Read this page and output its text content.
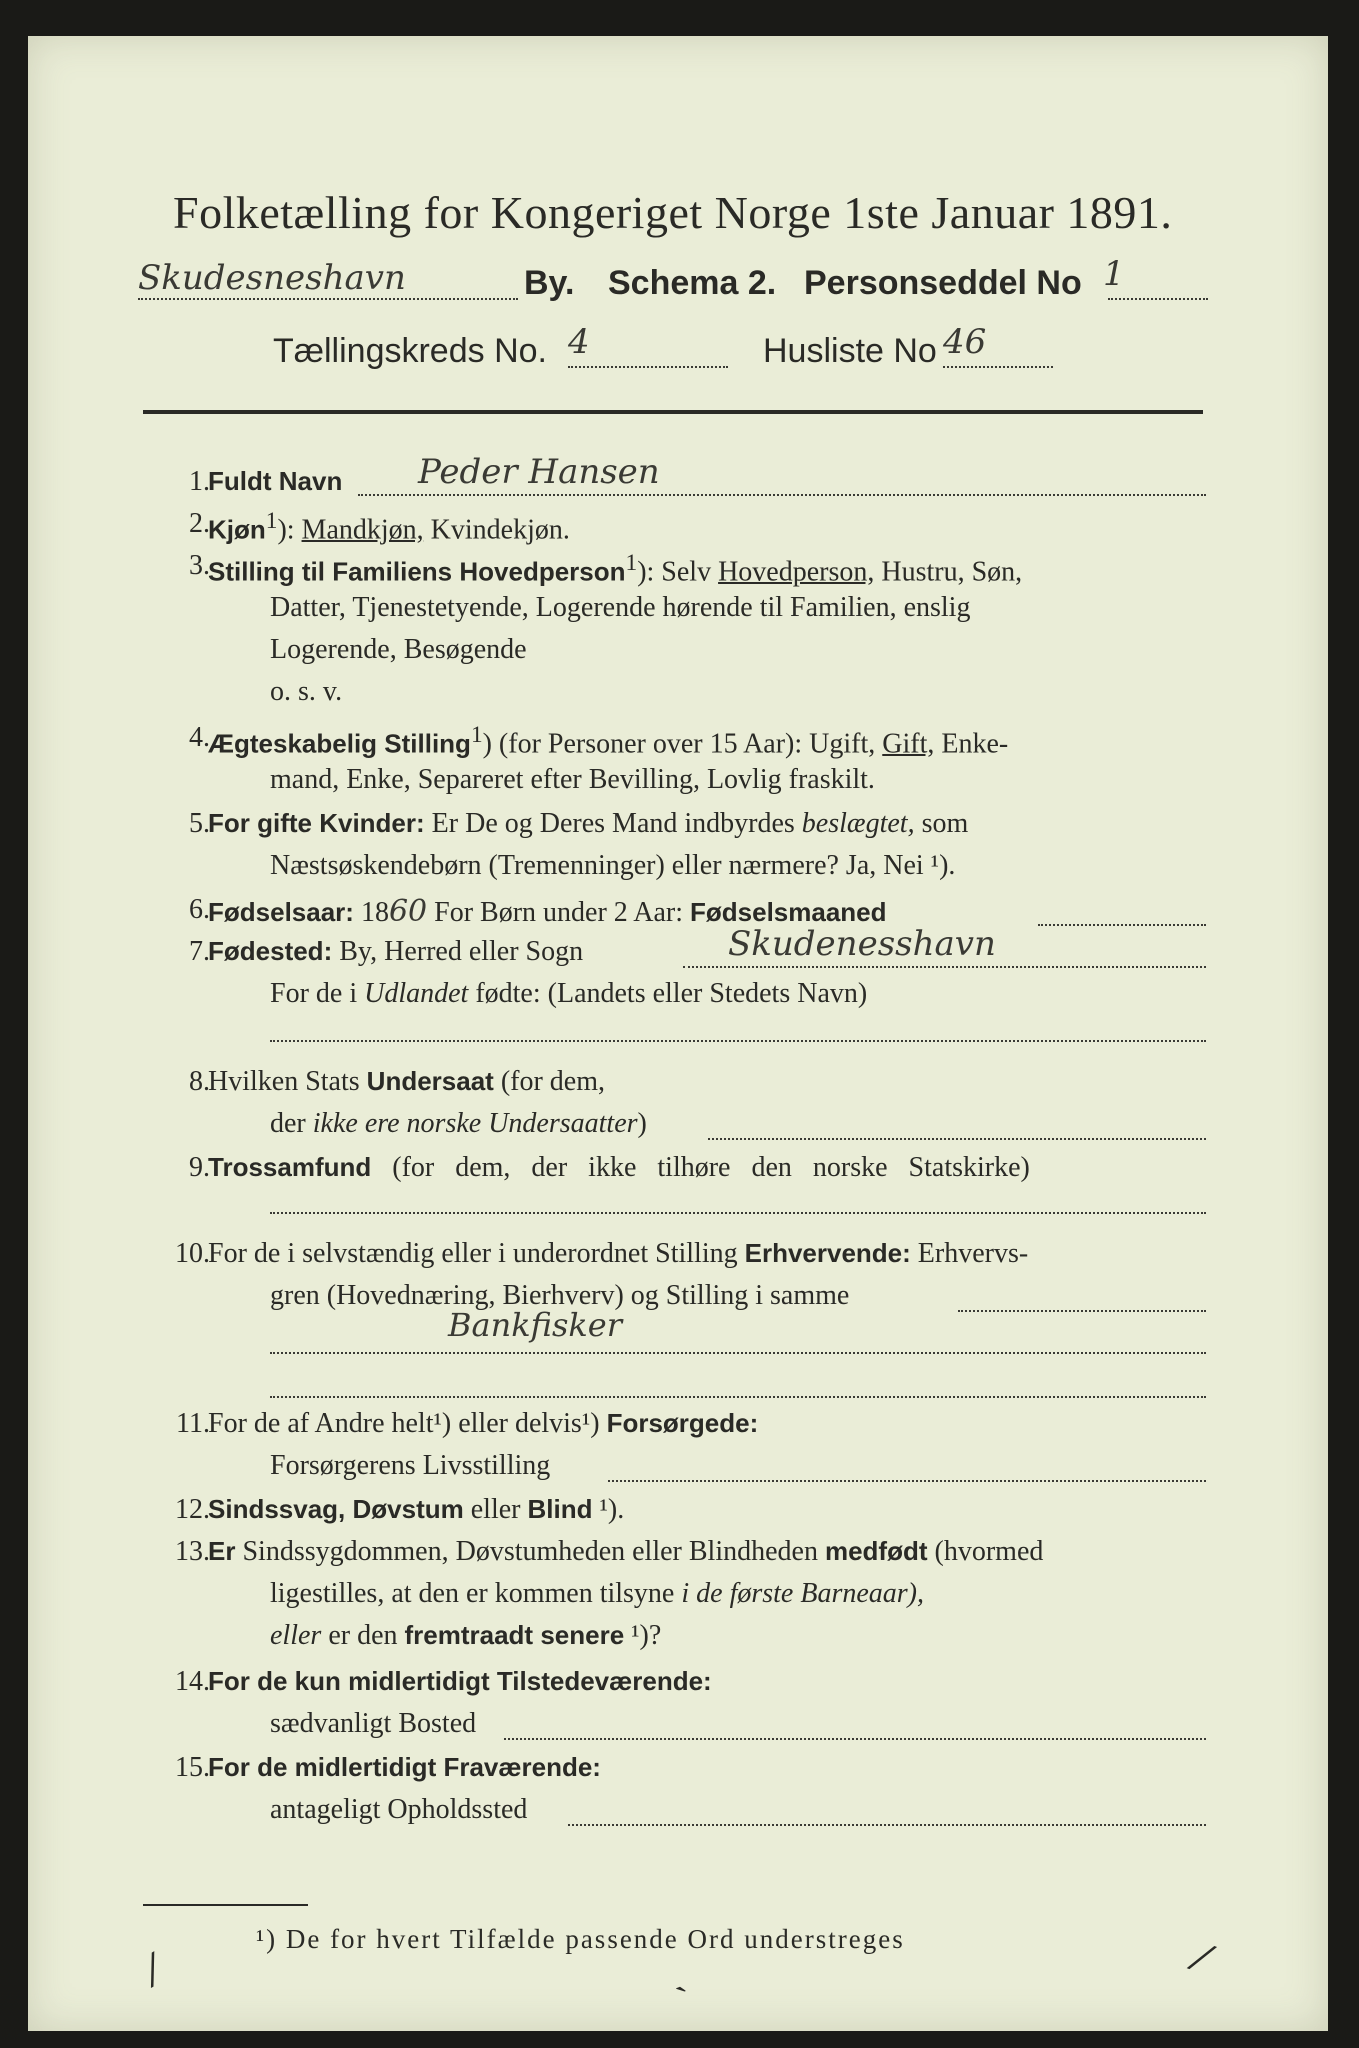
Folketælling for Kongeriget Norge 1ste Januar 1891.
Skudesneshavn	By. Schema 2. Personseddel No 1
Tællingskreds No. 4	Husliste No 46
1.
Fuldt Navn Peder Hansen
2.
Kjøn$^1$): Mandkjøn, Kvindekjøn.
3.
Stilling til Familiens Hovedperson$^1$): Selv Hovedperson, Hustru, Søn,
Datter, Tjenestetyende, Logerende hørende til Familien, enslig
Logerende, Besøgende
o. s. v.
4.
Ægteskabelig Stilling$^1$) (for Personer over 15 Aar): Ugift, Gift, Enke-
mand, Enke, Separeret efter Bevilling, Lovlig fraskilt.
5.
For gifte Kvinder: Er De og Deres Mand indbyrdes beslægtet, som
Næstsøskendebørn (Tremenninger) eller nærmere? Ja, Nei ¹).
6.
Fødselsaar: 1860 For Børn under 2 Aar: Fødselsmaaned
7.
Fødested: By, Herred eller Sogn	Skudenesshavn
For de i Udlandet fødte: (Landets eller Stedets Navn)
8.
Hvilken Stats Undersaat (for dem,
der ikke ere norske Undersaatter)
9.
Trossamfund (for dem, der ikke tilhøre den norske Statskirke)
10.
For de i selvstændig eller i underordnet Stilling Erhvervende: Erhvervs-
gren (Hovednæring, Bierhverv) og Stilling i samme
Bankfisker
11.
For de af Andre helt¹) eller delvis¹) Forsørgede:
Forsørgerens Livsstilling
12.
Sindssvag, Døvstum eller Blind ¹).
13.
Er Sindssygdommen, Døvstumheden eller Blindheden medfødt (hvormed
ligestilles, at den er kommen tilsyne i de første Barneaar),
eller er den fremtraadt senere ¹)?
14.
For de kun midlertidigt Tilstedeværende:
sædvanligt Bosted
15.
For de midlertidigt Fraværende:
antageligt Opholdssted
¹) De for hvert Tilfælde passende Ord understreges
⁄	ˎ	⁄
